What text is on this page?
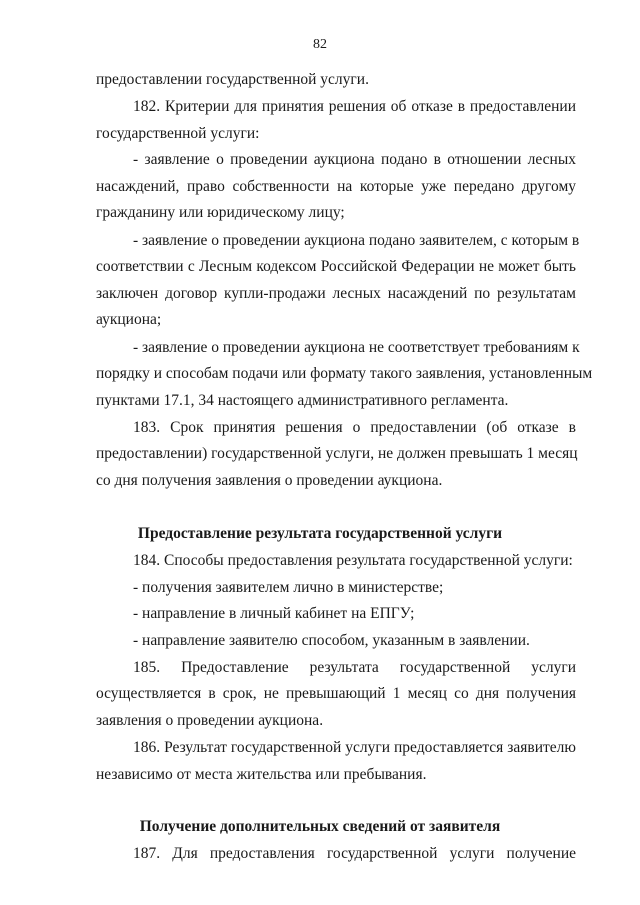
82
предоставлении государственной услуги.
182. Критерии для принятия решения об отказе в предоставлении
государственной услуги:
- заявление о проведении аукциона подано в отношении лесных
насаждений, право собственности на которые уже передано другому
гражданину или юридическому лицу;
- заявление о проведении аукциона подано заявителем, с которым в
соответствии с Лесным кодексом Российской Федерации не может быть
заключен договор купли-продажи лесных насаждений по результатам
аукциона;
- заявление о проведении аукциона не соответствует требованиям к
порядку и способам подачи или формату такого заявления, установленным
пунктами 17.1, 34 настоящего административного регламента.
183. Срок принятия решения о предоставлении (об отказе в
предоставлении) государственной услуги, не должен превышать 1 месяц
со дня получения заявления о проведении аукциона.
Предоставление результата государственной услуги
184. Способы предоставления результата государственной услуги:
- получения заявителем лично в министерстве;
- направление в личный кабинет на ЕПГУ;
- направление заявителю способом, указанным в заявлении.
185. Предоставление результата государственной услуги
осуществляется в срок, не превышающий 1 месяц со дня получения
заявления о проведении аукциона.
186. Результат государственной услуги предоставляется заявителю
независимо от места жительства или пребывания.
Получение дополнительных сведений от заявителя
187. Для предоставления государственной услуги получение
